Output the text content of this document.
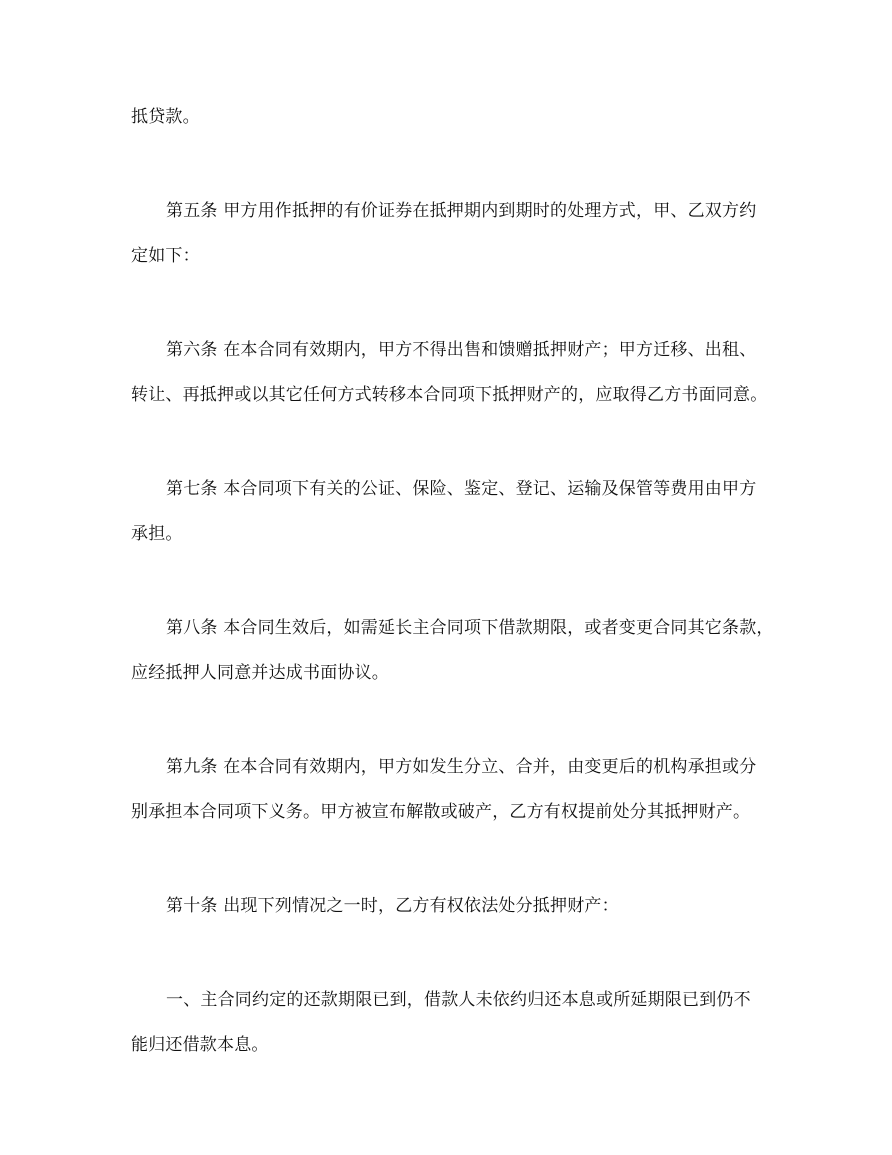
抵贷款。

第五条 甲方用作抵押的有价证券在抵押期内到期时的处理方式，甲、乙双方约

定如下：

第六条 在本合同有效期内，甲方不得出售和馈赠抵押财产；甲方迁移、出租、

转让、再抵押或以其它任何方式转移本合同项下抵押财产的，应取得乙方书面同意。

第七条 本合同项下有关的公证、保险、鉴定、登记、运输及保管等费用由甲方

承担。

第八条 本合同生效后，如需延长主合同项下借款期限，或者变更合同其它条款，

应经抵押人同意并达成书面协议。

第九条 在本合同有效期内，甲方如发生分立、合并，由变更后的机构承担或分

别承担本合同项下义务。甲方被宣布解散或破产，乙方有权提前处分其抵押财产。

第十条 出现下列情况之一时，乙方有权依法处分抵押财产：

一、主合同约定的还款期限已到，借款人未依约归还本息或所延期限已到仍不

能归还借款本息。
